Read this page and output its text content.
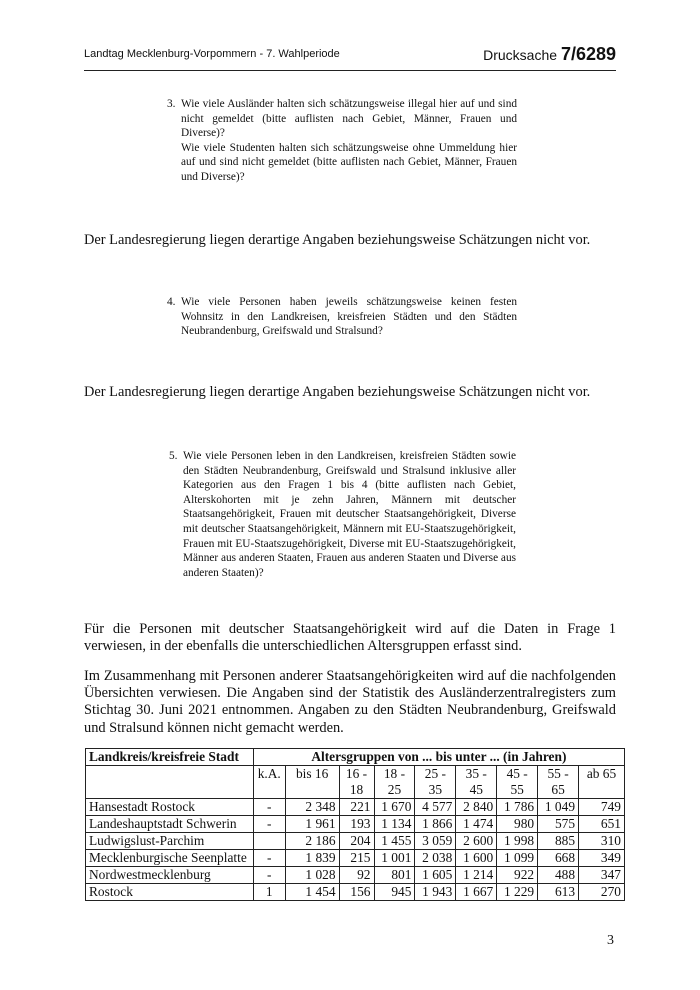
Landtag Mecklenburg-Vorpommern - 7. Wahlperiode	Drucksache 7/6289
3. Wie viele Ausländer halten sich schätzungsweise illegal hier auf und sind nicht gemeldet (bitte auflisten nach Gebiet, Männer, Frauen und Diverse)?
Wie viele Studenten halten sich schätzungsweise ohne Ummeldung hier auf und sind nicht gemeldet (bitte auflisten nach Gebiet, Männer, Frauen und Diverse)?
Der Landesregierung liegen derartige Angaben beziehungsweise Schätzungen nicht vor.
4. Wie viele Personen haben jeweils schätzungsweise keinen festen Wohnsitz in den Landkreisen, kreisfreien Städten und den Städten Neubrandenburg, Greifswald und Stralsund?
Der Landesregierung liegen derartige Angaben beziehungsweise Schätzungen nicht vor.
5. Wie viele Personen leben in den Landkreisen, kreisfreien Städten sowie den Städten Neubrandenburg, Greifswald und Stralsund inklusive aller Kategorien aus den Fragen 1 bis 4 (bitte auflisten nach Gebiet, Alterskohorten mit je zehn Jahren, Männern mit deutscher Staatsangehörigkeit, Frauen mit deutscher Staatsangehörigkeit, Diverse mit deutscher Staatsangehörigkeit, Männern mit EU-Staatszugehörigkeit, Frauen mit EU-Staatszugehörigkeit, Diverse mit EU-Staatszugehörigkeit, Männer aus anderen Staaten, Frauen aus anderen Staaten und Diverse aus anderen Staaten)?
Für die Personen mit deutscher Staatsangehörigkeit wird auf die Daten in Frage 1 verwiesen, in der ebenfalls die unterschiedlichen Altersgruppen erfasst sind.
Im Zusammenhang mit Personen anderer Staatsangehörigkeiten wird auf die nachfolgenden Übersichten verwiesen. Die Angaben sind der Statistik des Ausländerzentralregisters zum Stichtag 30. Juni 2021 entnommen. Angaben zu den Städten Neubrandenburg, Greifswald und Stralsund können nicht gemacht werden.
Landkreis/kreisfreie Stadt	Altersgruppen von ... bis unter ... (in Jahren)								
	k.A.	bis 16	16 - 18	18 - 25	25 - 35	35 - 45	45 - 55	55 - 65	ab 65
Hansestadt Rostock	-	2 348	221	1 670	4 577	2 840	1 786	1 049	749
Landeshauptstadt Schwerin	-	1 961	193	1 134	1 866	1 474	980	575	651
Ludwigslust-Parchim		2 186	204	1 455	3 059	2 600	1 998	885	310
Mecklenburgische Seenplatte	-	1 839	215	1 001	2 038	1 600	1 099	668	349
Nordwestmecklenburg	-	1 028	92	801	1 605	1 214	922	488	347
Rostock	1	1 454	156	945	1 943	1 667	1 229	613	270
3
